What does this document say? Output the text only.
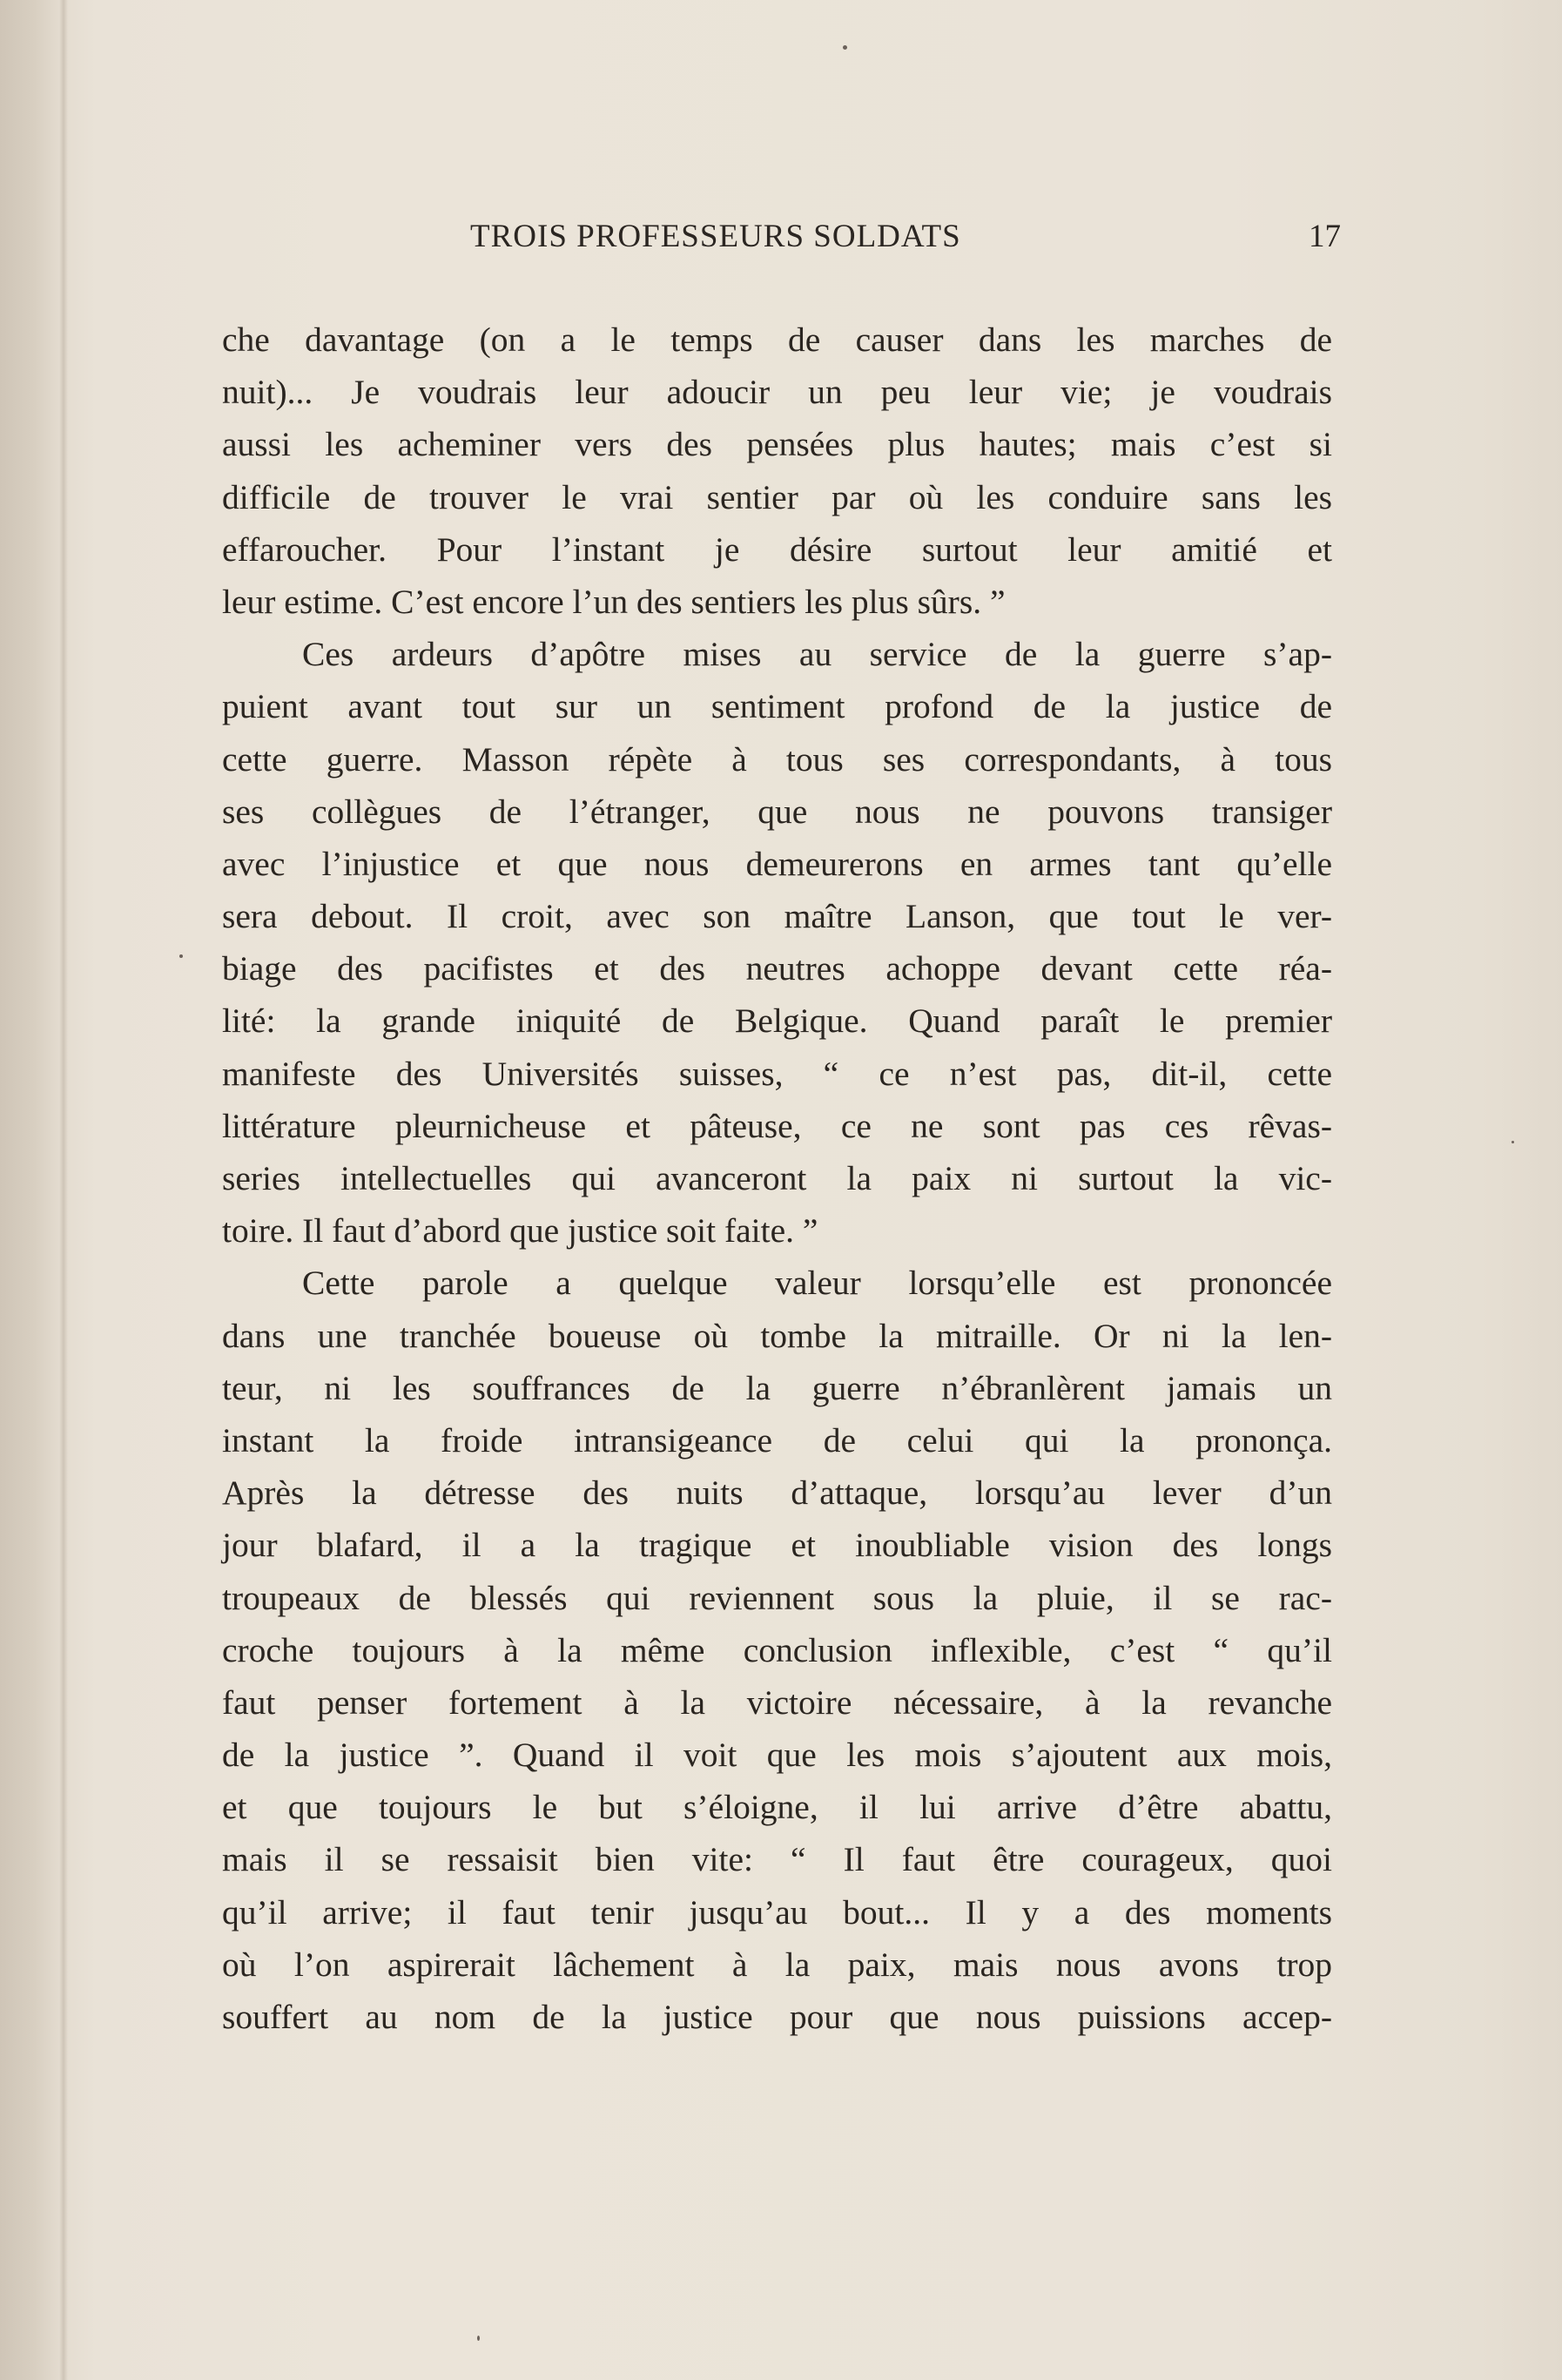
TROIS PROFESSEURS SOLDATS	17
che davantage (on a le temps de causer dans les marches de
nuit)... Je voudrais leur adoucir un peu leur vie; je voudrais
aussi les acheminer vers des pensées plus hautes; mais c’est si
difficile de trouver le vrai sentier par où les conduire sans les
effaroucher. Pour l’instant je désire surtout leur amitié et
leur estime. C’est encore l’un des sentiers les plus sûrs. ”
Ces ardeurs d’apôtre mises au service de la guerre s’ap-
puient avant tout sur un sentiment profond de la justice de
cette guerre. Masson répète à tous ses correspondants, à tous
ses collègues de l’étranger, que nous ne pouvons transiger
avec l’injustice et que nous demeurerons en armes tant qu’elle
sera debout. Il croit, avec son maître Lanson, que tout le ver-
biage des pacifistes et des neutres achoppe devant cette réa-
lité: la grande iniquité de Belgique. Quand paraît le premier
manifeste des Universités suisses, “ ce n’est pas, dit-il, cette
littérature pleurnicheuse et pâteuse, ce ne sont pas ces rêvas-
series intellectuelles qui avanceront la paix ni surtout la vic-
toire. Il faut d’abord que justice soit faite. ”
Cette parole a quelque valeur lorsqu’elle est prononcée
dans une tranchée boueuse où tombe la mitraille. Or ni la len-
teur, ni les souffrances de la guerre n’ébranlèrent jamais un
instant la froide intransigeance de celui qui la prononça.
Après la détresse des nuits d’attaque, lorsqu’au lever d’un
jour blafard, il a la tragique et inoubliable vision des longs
troupeaux de blessés qui reviennent sous la pluie, il se rac-
croche toujours à la même conclusion inflexible, c’est “ qu’il
faut penser fortement à la victoire nécessaire, à la revanche
de la justice ”. Quand il voit que les mois s’ajoutent aux mois,
et que toujours le but s’éloigne, il lui arrive d’être abattu,
mais il se ressaisit bien vite: “ Il faut être courageux, quoi
qu’il arrive; il faut tenir jusqu’au bout... Il y a des moments
où l’on aspirerait lâchement à la paix, mais nous avons trop
souffert au nom de la justice pour que nous puissions accep-
